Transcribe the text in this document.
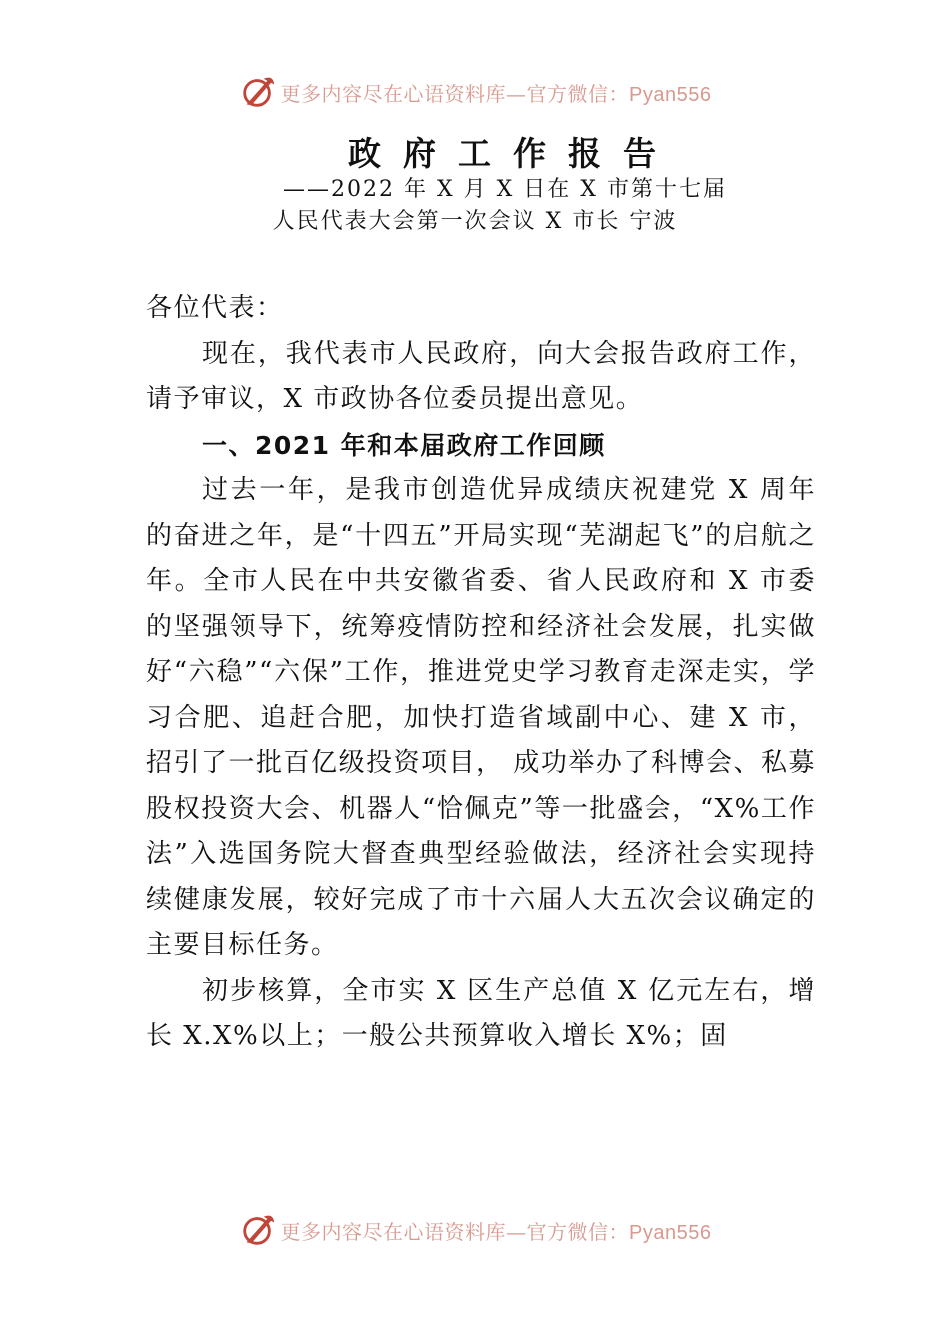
更多内容尽在心语资料库—官方微信：Pyan556
政府工作报告
——2022 年 X 月 X 日在 X 市第十七届
人民代表大会第一次会议 X 市长 宁波

各位代表：

现在，我代表市人民政府，向大会报告政府工作，请予审议，X 市政协各位委员提出意见。

一、2021 年和本届政府工作回顾

过去一年，是我市创造优异成绩庆祝建党 X 周年的奋进之年，是“十四五”开局实现“芜湖起飞”的启航之年。全市人民在中共安徽省委、省人民政府和 X 市委的坚强领导下，统筹疫情防控和经济社会发展，扎实做好“六稳”“六保”工作，推进党史学习教育走深走实，学习合肥、追赶合肥，加快打造省域副中心、建 X 市，招引了一批百亿级投资项目， 成功举办了科博会、私募股权投资大会、机器人“恰佩克”等一批盛会，“X%工作法”入选国务院大督查典型经验做法，经济社会实现持续健康发展，较好完成了市十六届人大五次会议确定的主要目标任务。

初步核算，全市实 X 区生产总值 X 亿元左右，增长 X.X%以上；一般公共预算收入增长 X%；固

更多内容尽在心语资料库—官方微信：Pyan556
